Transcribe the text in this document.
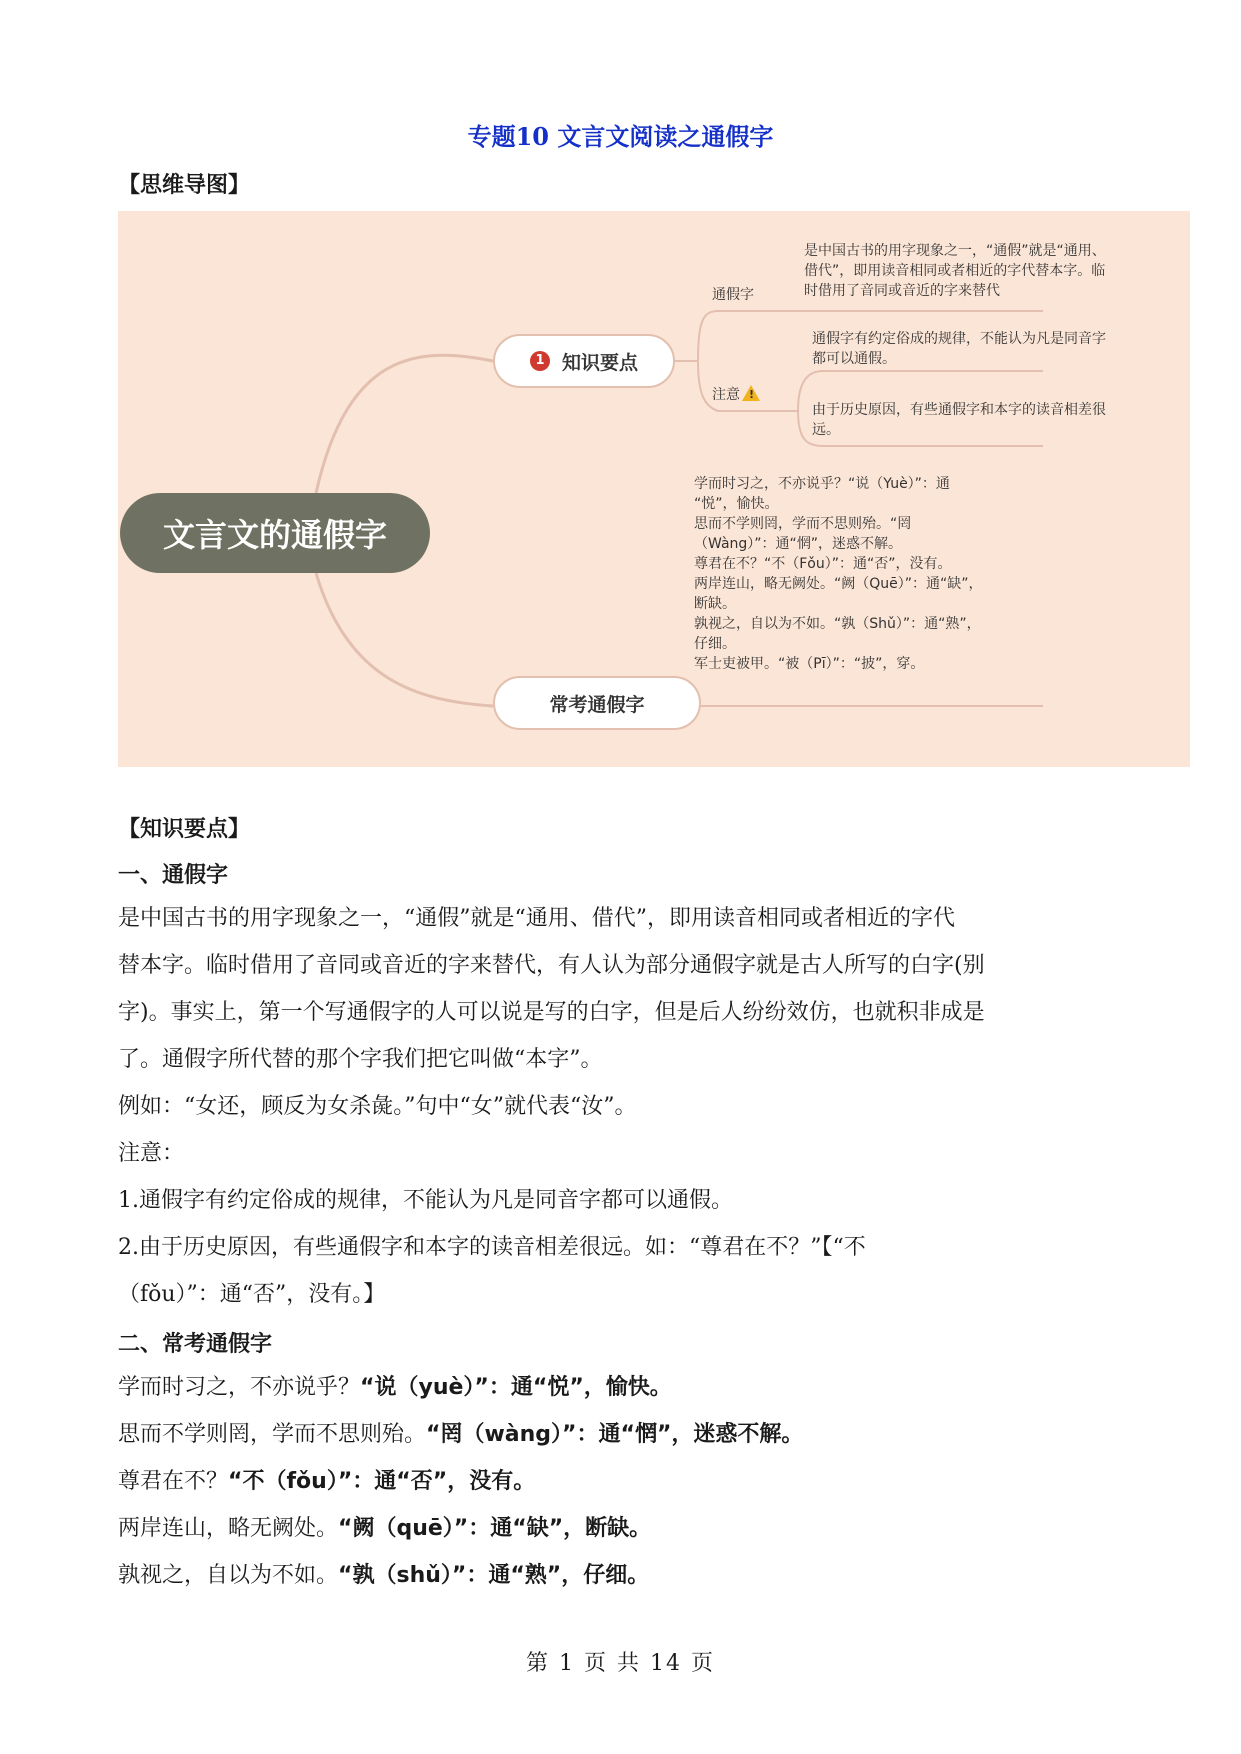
专题10 文言文阅读之通假字
【思维导图】
文言文的通假字
1 知识要点
常考通假字
通假字
注意 !
是中国古书的用字现象之一，“通假”就是“通用、
借代”，即用读音相同或者相近的字代替本字。临
时借用了音同或音近的字来替代
通假字有约定俗成的规律，不能认为凡是同音字
都可以通假。
由于历史原因，有些通假字和本字的读音相差很
远。
学而时习之，不亦说乎？“说（Yuè）”：通
“悦”，愉快。
思而不学则罔，学而不思则殆。“罔
（Wàng）”：通“惘”，迷惑不解。
尊君在不？“不（Fǒu）”：通“否”，没有。
两岸连山，略无阙处。“阙（Quē）”：通“缺”，
断缺。
孰视之，自以为不如。“孰（Shǔ）”：通“熟”，
仔细。
军士吏被甲。“被（Pī）”：“披”，穿。
【知识要点】
一、通假字
是中国古书的用字现象之一，“通假”就是“通用、借代”，即用读音相同或者相近的字代
替本字。临时借用了音同或音近的字来替代，有人认为部分通假字就是古人所写的白字(别
字)。事实上，第一个写通假字的人可以说是写的白字，但是后人纷纷效仿，也就积非成是
了。通假字所代替的那个字我们把它叫做“本字”。
例如：“女还，顾反为女杀彘。”句中“女”就代表“汝”。
注意：
1.通假字有约定俗成的规律，不能认为凡是同音字都可以通假。
2.由于历史原因，有些通假字和本字的读音相差很远。如：“尊君在不？”【“不
（fǒu）”：通“否”，没有。】
二、常考通假字
学而时习之，不亦说乎？“说（yuè）”：通“悦”，愉快。
思而不学则罔，学而不思则殆。“罔（wàng）”：通“惘”，迷惑不解。
尊君在不？“不（fǒu）”：通“否”，没有。
两岸连山，略无阙处。“阙（quē）”：通“缺”，断缺。
孰视之，自以为不如。“孰（shǔ）”：通“熟”，仔细。
第 1 页 共 14 页
